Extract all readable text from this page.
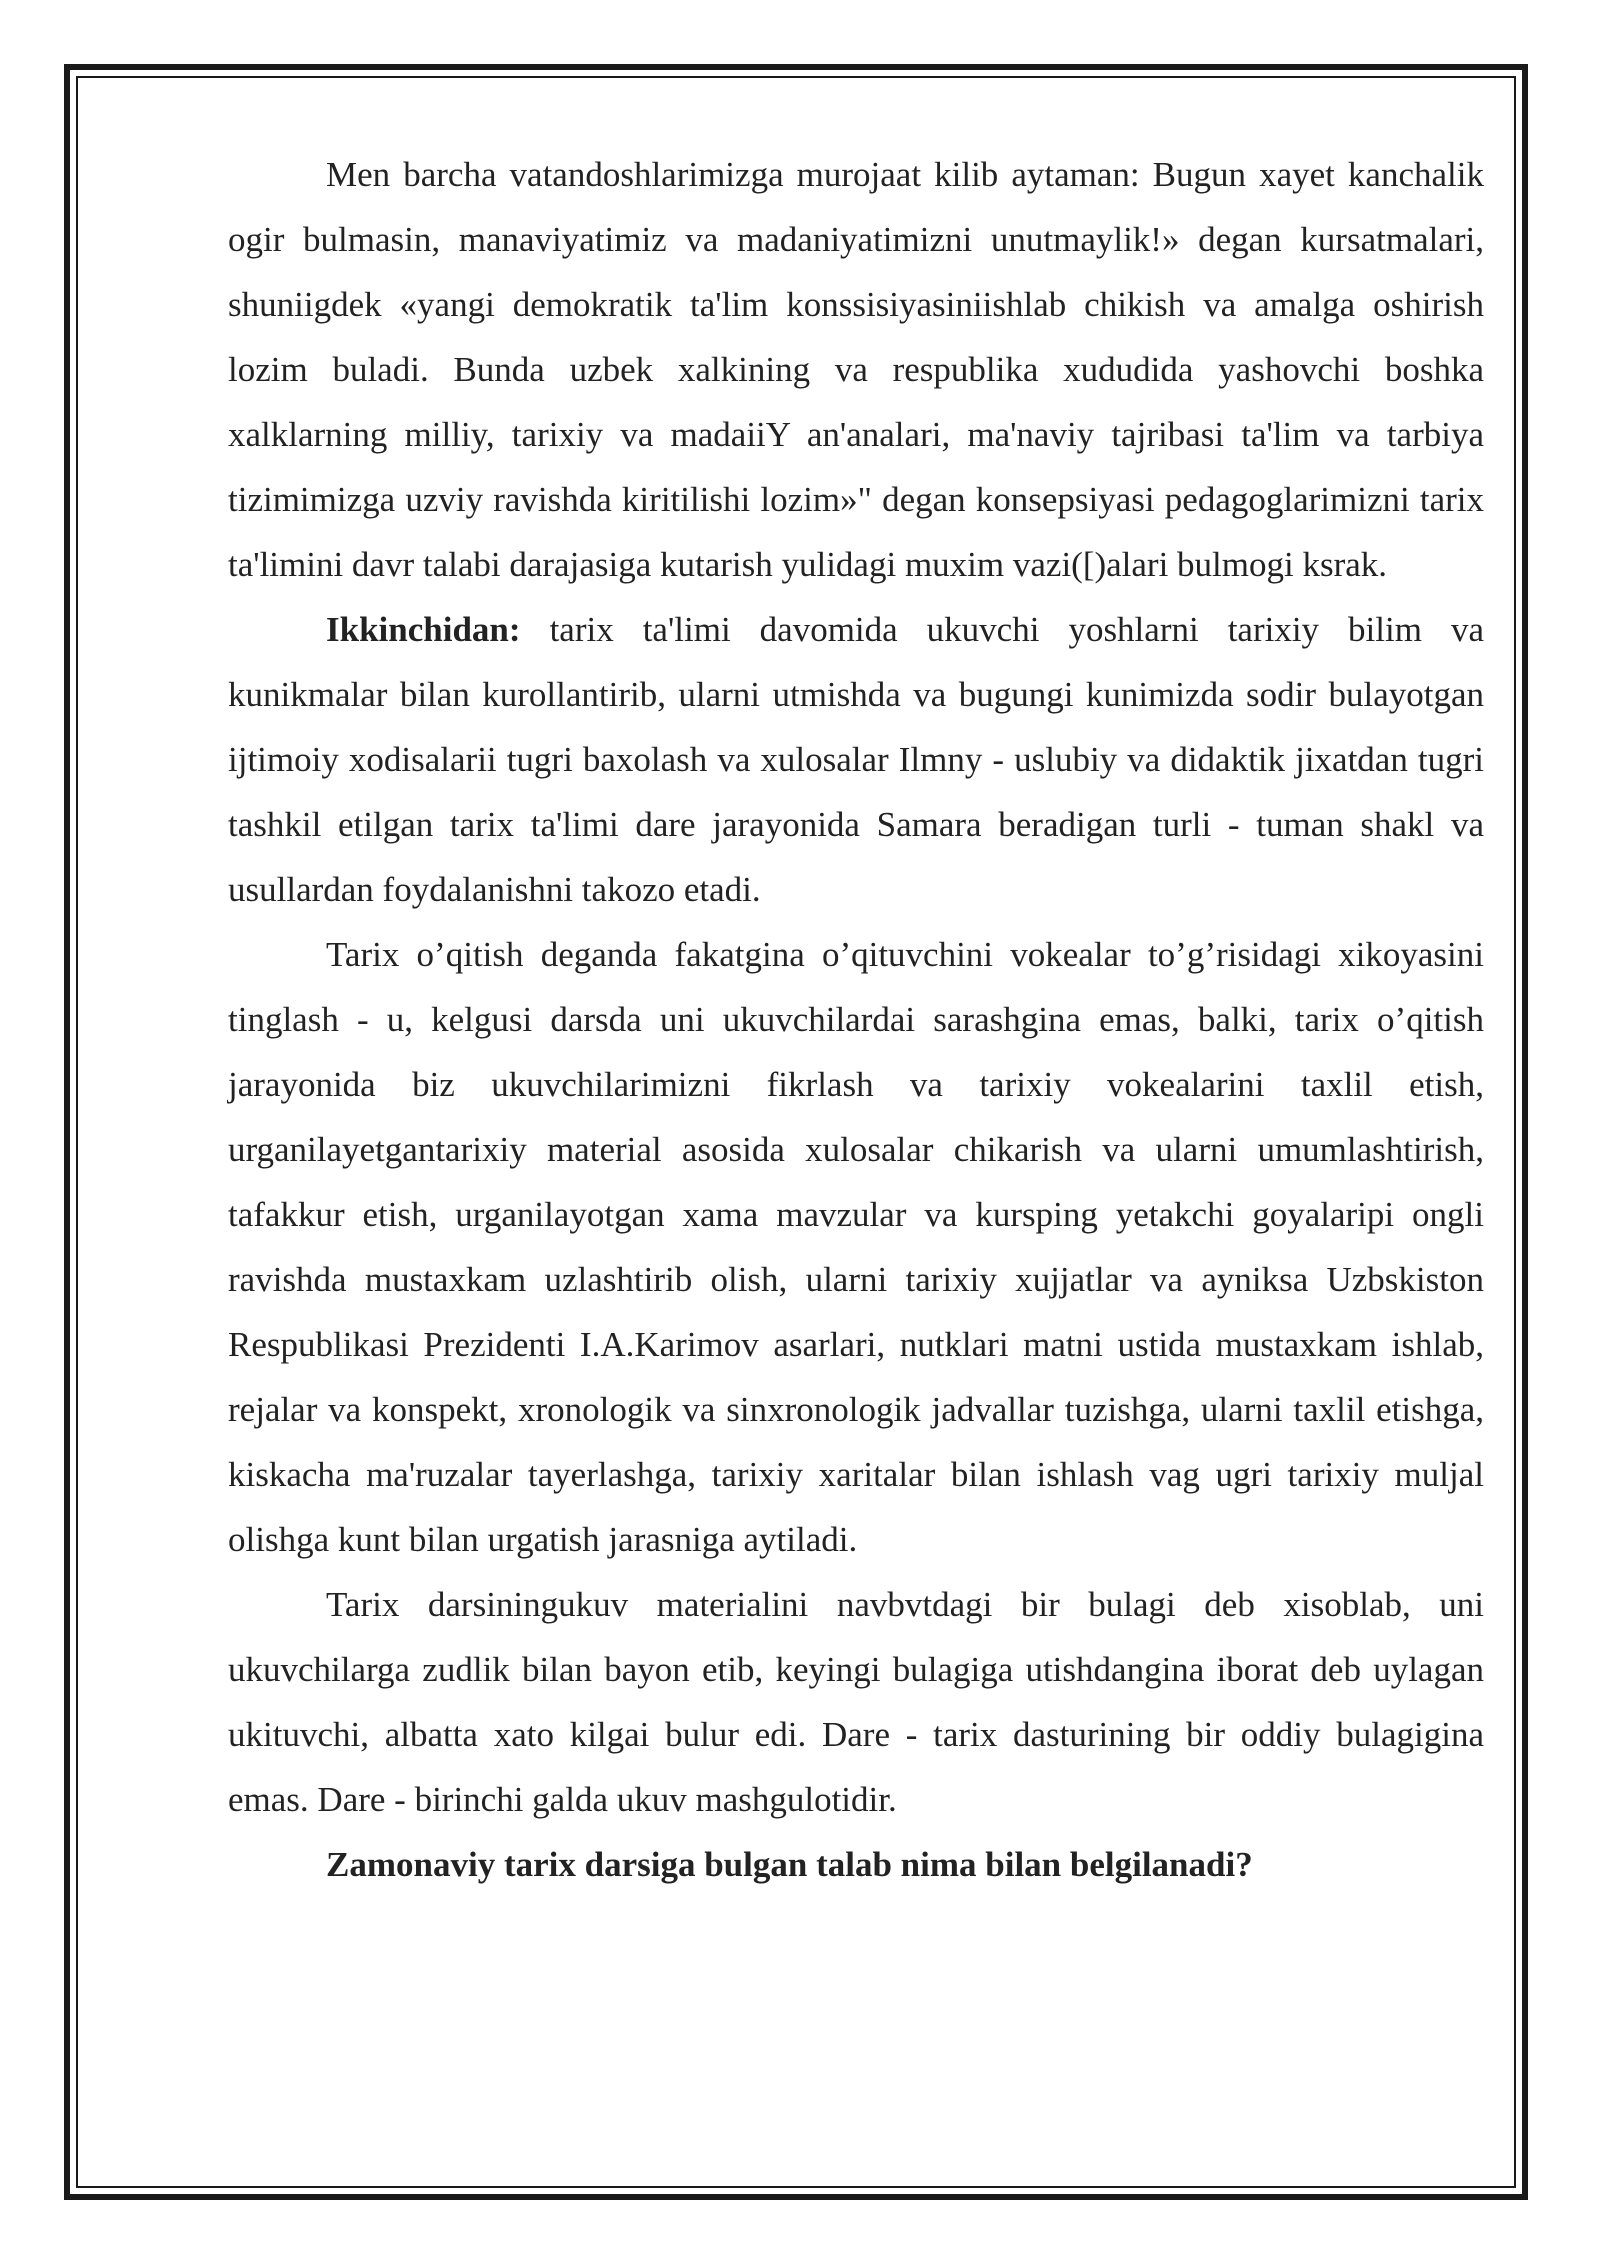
Men barcha vatandoshlarimizga murojaat kilib aytaman: Bugun xayet kanchalik ogir bulmasin, manaviyatimiz va madaniyatimizni unutmaylik!» degan kursatmalari, shuniigdek «yangi demokratik ta'lim konssisiyasiniishlab chikish va amalga oshirish lozim buladi. Bunda uzbek xalkining va respublika xududida yashovchi boshka xalklarning milliy, tarixiy va madaiiY an'analari, ma'naviy tajribasi ta'lim va tarbiya tizimimizga uzviy ravishda kiritilishi lozim»" degan konsepsiyasi pedagoglarimizni tarix ta'limini davr talabi darajasiga kutarish yulidagi muxim vazi([)alari bulmogi ksrak.

Ikkinchidan: tarix ta'limi davomida ukuvchi yoshlarni tarixiy bilim va kunikmalar bilan kurollantirib, ularni utmishda va bugungi kunimizda sodir bulayotgan ijtimoiy xodisalarii tugri baxolash va xulosalar Ilmny - uslubiy va didaktik jixatdan tugri tashkil etilgan tarix ta'limi dare jarayonida Samara beradigan turli - tuman shakl va usullardan foydalanishni takozo etadi.

Tarix o’qitish deganda fakatgina o’qituvchini vokealar to’g’risidagi xikoyasini tinglash - u, kelgusi darsda uni ukuvchilardai sarashgina emas, balki, tarix o’qitish jarayonida biz ukuvchilarimizni fikrlash va tarixiy vokealarini taxlil etish, urganilayetgantarixiy material asosida xulosalar chikarish va ularni umumlashtirish, tafakkur etish, urganilayotgan xama mavzular va kursping yetakchi goyalaripi ongli ravishda mustaxkam uzlashtirib olish, ularni tarixiy xujjatlar va ayniksa Uzbskiston Respublikasi Prezidenti I.A.Karimov asarlari, nutklari matni ustida mustaxkam ishlab, rejalar va konspekt, xronologik va sinxronologik jadvallar tuzishga, ularni taxlil etishga, kiskacha ma'ruzalar tayerlashga, tarixiy xaritalar bilan ishlash vag ugri tarixiy muljal olishga kunt bilan urgatish jarasniga aytiladi.

Tarix darsiningukuv materialini navbvtdagi bir bulagi deb xisoblab, uni ukuvchilarga zudlik bilan bayon etib, keyingi bulagiga utishdangina iborat deb uylagan ukituvchi, albatta xato kilgai bulur edi. Dare - tarix dasturining bir oddiy bulagigina emas. Dare - birinchi galda ukuv mashgulotidir.

Zamonaviy tarix darsiga bulgan talab nima bilan belgilanadi?
